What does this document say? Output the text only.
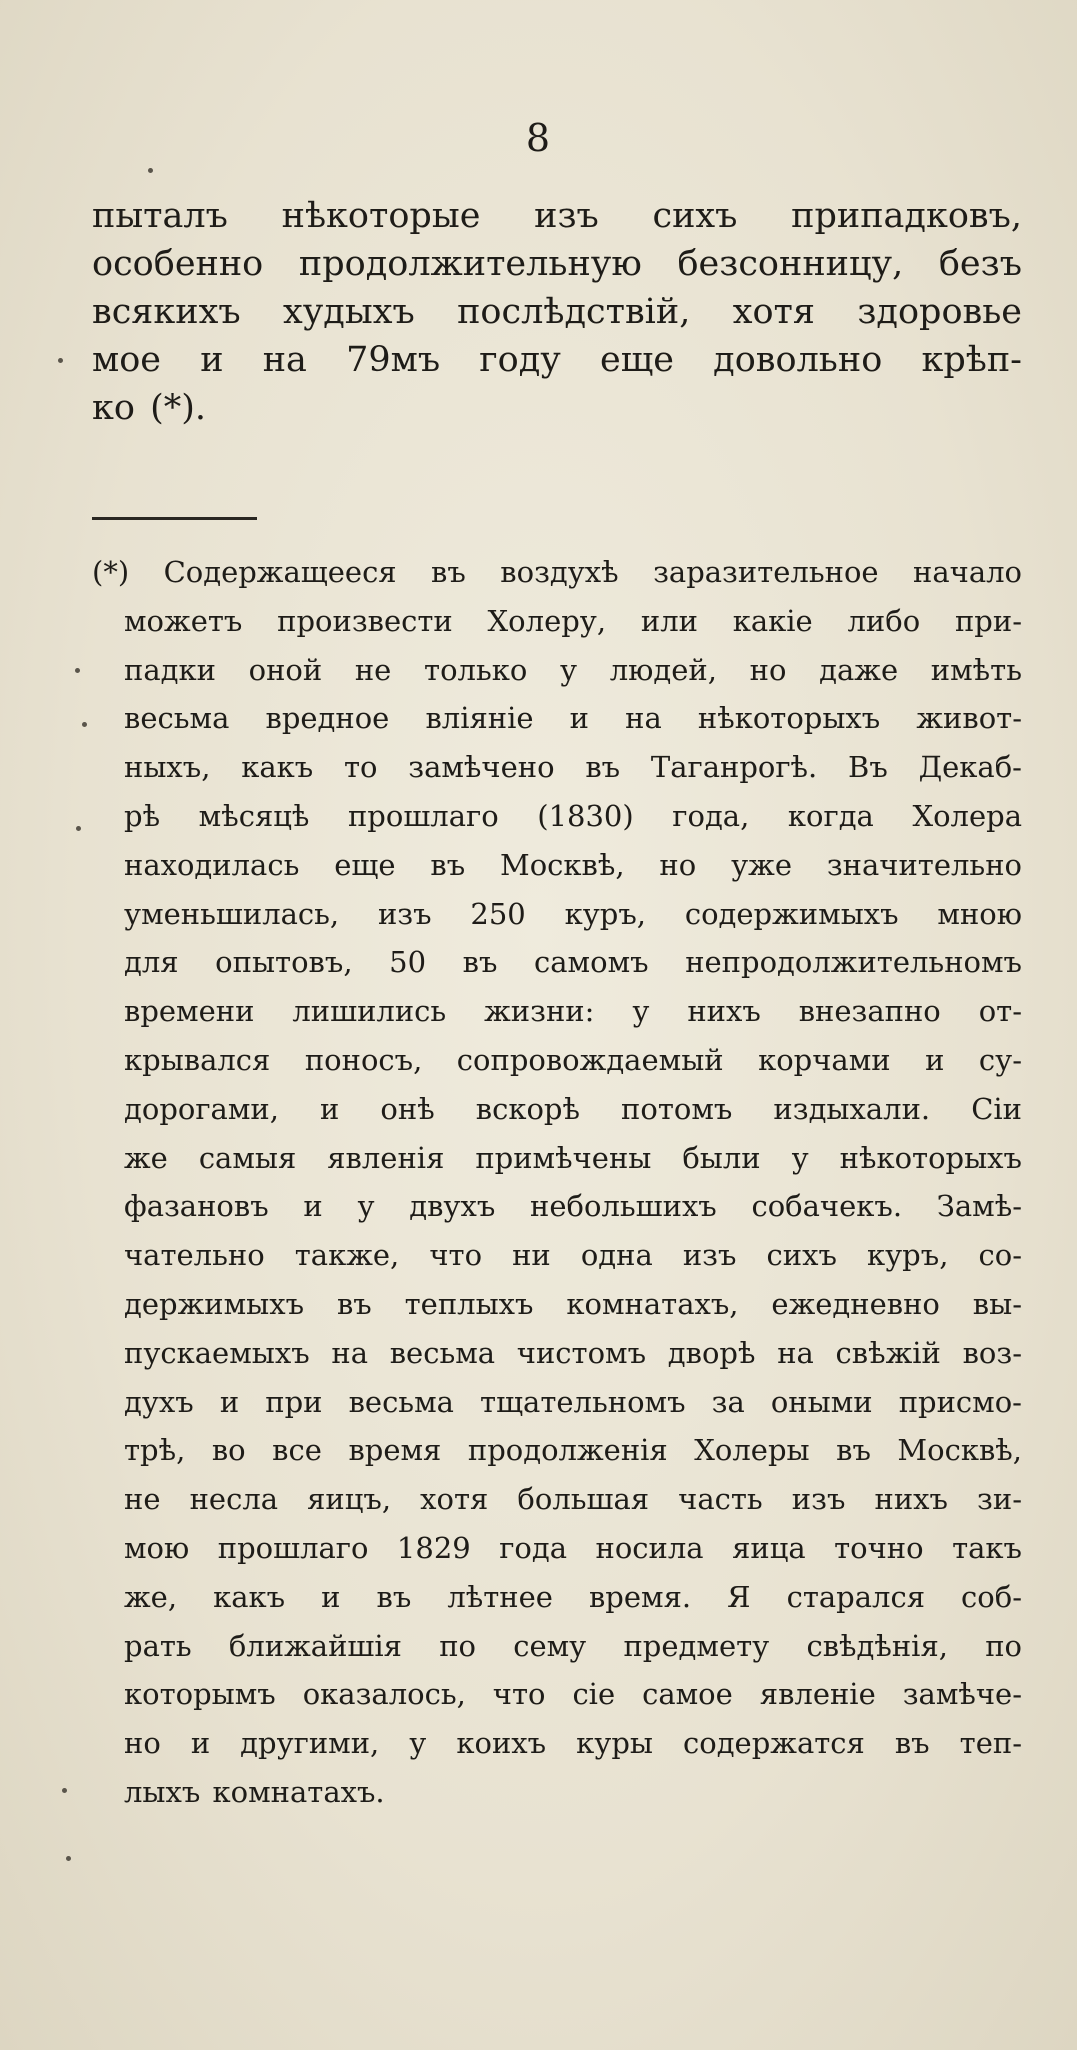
8
пыталъ нѣкоторые изъ сихъ припадковъ,
особенно продолжительную безсонницу, безъ
всякихъ худыхъ послѣдствій, хотя здоровье
мое и на 79мъ году еще довольно крѣп-
ко (*).
(*) Содержащееся въ воздухѣ заразительное начало
можетъ произвести Холеру, или какіе либо при-
падки оной не только у людей, но даже имѣть
весьма вредное вліяніе и на нѣкоторыхъ живот-
ныхъ, какъ то замѣчено въ Таганрогѣ. Въ Декаб-
рѣ мѣсяцѣ прошлаго (1830) года, когда Холера
находилась еще въ Москвѣ, но уже значительно
уменьшилась, изъ 250 куръ, содержимыхъ мною
для опытовъ, 50 въ самомъ непродолжительномъ
времени лишились жизни: у нихъ внезапно от-
крывался поносъ, сопровождаемый корчами и су-
дорогами, и онѣ вскорѣ потомъ издыхали. Сіи
же самыя явленія примѣчены были у нѣкоторыхъ
фазановъ и у двухъ небольшихъ собачекъ. Замѣ-
чательно также, что ни одна изъ сихъ куръ, со-
держимыхъ въ теплыхъ комнатахъ, ежедневно вы-
пускаемыхъ на весьма чистомъ дворѣ на свѣжій воз-
духъ и при весьма тщательномъ за оными присмо-
трѣ, во все время продолженія Холеры въ Москвѣ,
не несла яицъ, хотя большая часть изъ нихъ зи-
мою прошлаго 1829 года носила яица точно такъ
же, какъ и въ лѣтнее время. Я старался соб-
рать ближайшія по сему предмету свѣдѣнія, по
которымъ оказалось, что сіе самое явленіе замѣче-
но и другими, у коихъ куры содержатся въ теп-
лыхъ комнатахъ.
